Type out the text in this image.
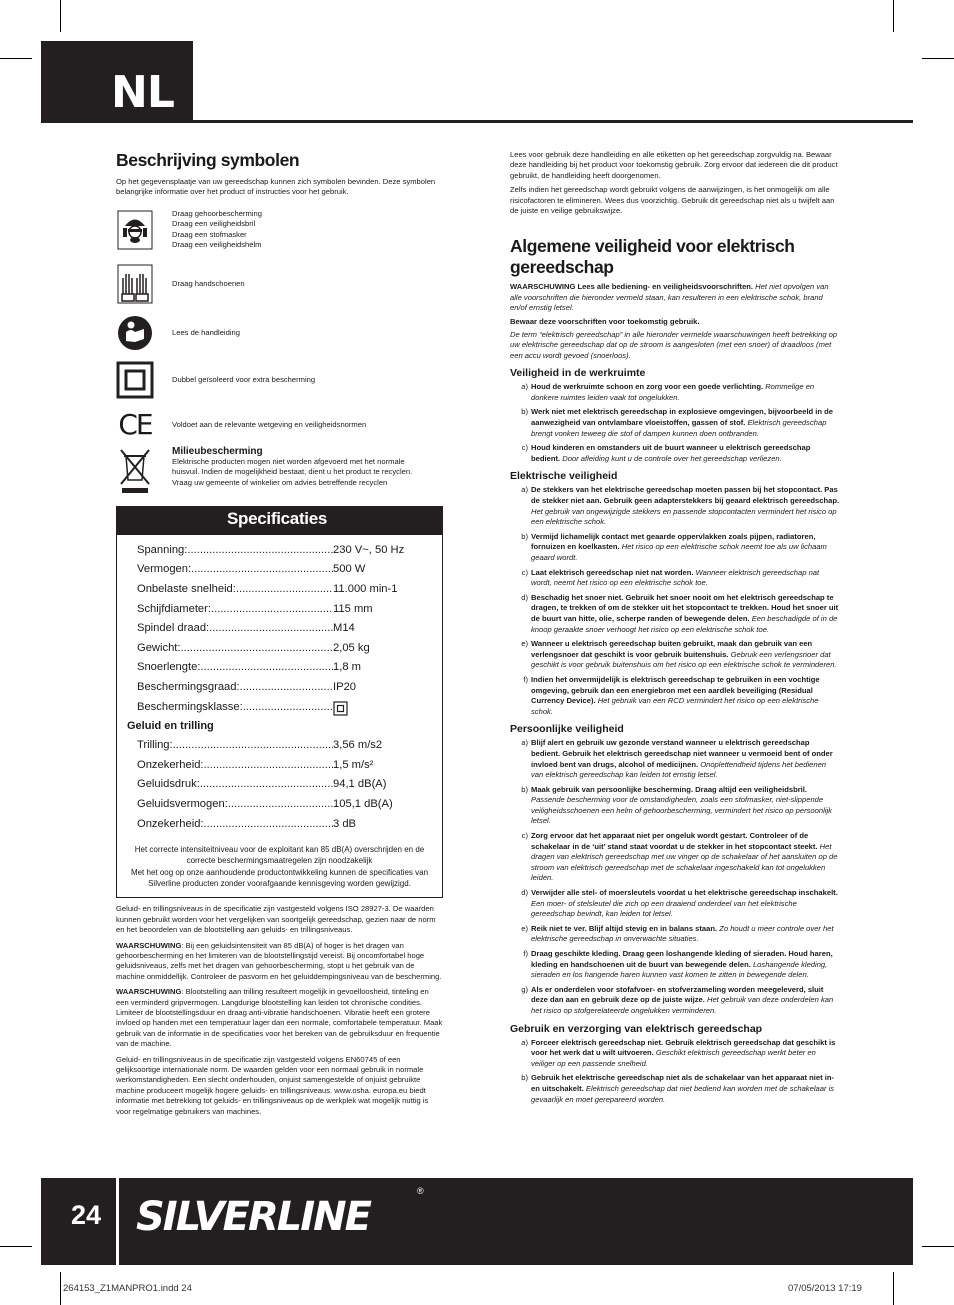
NL
Beschrijving symbolen

Op het gegevensplaatje van uw gereedschap kunnen zich symbolen bevinden. Deze symbolen belangrijke informatie over het product of instructies voor het gebruik.

Draag gehoorbescherming
Draag een veiligheidsbril
Draag een stofmasker
Draag een veiligheidshelm
Draag handschoenen
Lees de handleiding
Dubbel geïsoleerd voor extra bescherming
CE	Voldoet aan de relevante wetgeving en veiligheidsnormen
Milieubescherming
Elektrische producten mogen niet worden afgevoerd met het normale huisvuil. Indien de mogelijkheid bestaat, dient u het product te recyclen. Vraag uw gemeente of winkelier om advies betreffende recyclen
Specificaties
Spanning: .....	230 V~, 50 Hz
Vermogen: .....	500 W
Onbelaste snelheid: .....	11.000 min-1
Schijfdiameter: .....	115 mm
Spindel draad: .....	M14
Gewicht: .....	2,05 kg
Snoerlengte: .....	1,8 m
Beschermingsgraad: .....	IP20
Beschermingsklasse: .....
Geluid en trilling
Trilling: .....	3,56 m/s2
Onzekerheid: .....	1,5 m/s²
Geluidsdruk: .....	94,1 dB(A)
Geluidsvermogen: .....	105,1 dB(A)
Onzekerheid: .....	3 dB
Het correcte intensiteitniveau voor de exploitant kan 85 dB(A) overschrijden en de correcte beschermingsmaatregelen zijn noodzakelijk
Met het oog op onze aanhoudende productontwikkeling kunnen de specificaties van Silverline producten zonder voorafgaande kennisgeving worden gewijzigd.

Geluid- en trillingsniveaus in de specificatie zijn vastgesteld volgens ISO 28927-3. De waarden kunnen gebruikt worden voor het vergelijken van soortgelijk gereedschap, gezien naar de norm en het beoordelen van de blootstelling aan geluids- en trillingsniveaus.

WAARSCHUWING: Bij een geluidsintensiteit van 85 dB(A) of hoger is het dragen van gehoorbescherming en het limiteren van de blootstellingstijd vereist. Bij oncomfortabel hoge geluidsniveaus, zelfs met het dragen van gehoorbescherming, stopt u het gebruik van de machine onmiddellijk. Controleer de pasvorm en het geluiddempingsniveau van de bescherming.

WAARSCHUWING: Blootstelling aan trilling resulteert mogelijk in gevoelloosheid, tinteling en een verminderd gripvermogen. Langdurige blootstelling kan leiden tot chronische condities. Limiteer de blootstellingsduur en draag anti-vibratie handschoenen. Vibratie heeft een grotere invloed op handen met een temperatuur lager dan een normale, comfortabele temperatuur. Maak gebruik van de informatie in de specificaties voor het bereken van de gebruiksduur en frequentie van de machine.

Geluid- en trillingsniveaus in de specificatie zijn vastgesteld volgens EN60745 of een gelijksoortige internationale norm. De waarden gelden voor een normaal gebruik in normale werkomstandigheden. Een slecht onderhouden, onjuist samengestelde of onjuist gebruikte machine produceert mogelijk hogere geluids- en trillingsniveaus. www.osha. europa.eu biedt informatie met betrekking tot geluids- en trillingsniveaus op de werkplek wat mogelijk nuttig is voor regelmatige gebruikers van machines.

Lees voor gebruik deze handleiding en alle etiketten op het gereedschap zorgvuldig na. Bewaar deze handleiding bij het product voor toekomstig gebruik. Zorg ervoor dat iedereen die dit product gebruikt, de handleiding heeft doorgenomen.

Zelfs indien het gereedschap wordt gebruikt volgens de aanwijzingen, is het onmogelijk om alle risicofactoren te elimineren. Wees dus voorzichtig. Gebruik dit gereedschap niet als u twijfelt aan de juiste en veilige gebruikswijze.

Algemene veiligheid voor elektrisch gereedschap

WAARSCHUWING Lees alle bediening- en veiligheidsvoorschriften. Het niet opvolgen van alle voorschriften die hieronder vermeld staan, kan resulteren in een elektrische schok, brand en/of ernstig letsel.

Bewaar deze voorschriften voor toekomstig gebruik.

De term “elektrisch gereedschap” in alle hieronder vermelde waarschuwingen heeft betrekking op uw elektrische gereedschap dat op de stroom is aangesloten (met een snoer) of draadloos (met een accu wordt gevoed (snoerloos).

Veiligheid in de werkruimte
a) Houd de werkruimte schoon en zorg voor een goede verlichting. Rommelige en donkere ruimtes leiden vaak tot ongelukken.
b) Werk niet met elektrisch gereedschap in explosieve omgevingen, bijvoorbeeld in de aanwezigheid van ontvlambare vloeistoffen, gassen of stof. Elektrisch gereedschap brengt vonken teweeg die stof of dampen kunnen doen ontbranden.
c) Houd kinderen en omstanders uit de buurt wanneer u elektrisch gereedschap bedient. Door afleiding kunt u de controle over het gereedschap verliezen.
Elektrische veiligheid
a) De stekkers van het elektrische gereedschap moeten passen bij het stopcontact. Pas de stekker niet aan. Gebruik geen adapterstekkers bij geaard elektrisch gereedschap. Het gebruik van ongewijzigde stekkers en passende stopcontacten vermindert het risico op een elektrische schok.
b) Vermijd lichamelijk contact met geaarde oppervlakken zoals pijpen, radiatoren, fornuizen en koelkasten. Het risico op een elektrische schok neemt toe als uw lichaam geaard wordt.
c) Laat elektrisch gereedschap niet nat worden. Wanneer elektrisch gereedschap nat wordt, neemt het risico op een elektrische schok toe.
d) Beschadig het snoer niet. Gebruik het snoer nooit om het elektrisch gereedschap te dragen, te trekken of om de stekker uit het stopcontact te trekken. Houd het snoer uit de buurt van hitte, olie, scherpe randen of bewegende delen. Een beschadigde of in de knoop geraakte snoer verhoogt het risico op een elektrische schok toe.
e) Wanneer u elektrisch gereedschap buiten gebruikt, maak dan gebruik van een verlengsnoer dat geschikt is voor gebruik buitenshuis. Gebruik een verlengsnoer dat geschikt is voor gebruik buitenshuis om het risico op een elektrische schok te verminderen.
f) Indien het onvermijdelijk is elektrisch gereedschap te gebruiken in een vochtige omgeving, gebruik dan een energiebron met een aardlek beveiliging (Residual Currency Device). Het gebruik van een RCD vermindert het risico op een elektrische schok.
Persoonlijke veiligheid
a) Blijf alert en gebruik uw gezonde verstand wanneer u elektrisch gereedschap bedient. Gebruik het elektrisch gereedschap niet wanneer u vermoeid bent of onder invloed bent van drugs, alcohol of medicijnen. Onoplettendheid tijdens het bedienen van elektrisch gereedschap kan leiden tot ernstig letsel.
b) Maak gebruik van persoonlijke bescherming. Draag altijd een veiligheidsbril. Passende bescherming voor de omstandigheden, zoals een stofmasker, niet-slippende veiligheidsschoenen een helm of gehoorbescherming, vermindert het risico op persoonlijk letsel.
c) Zorg ervoor dat het apparaat niet per ongeluk wordt gestart. Controleer of de schakelaar in de ‘uit’ stand staat voordat u de stekker in het stopcontact steekt. Het dragen van elektrisch gereedschap met uw vinger op de schakelaar of het aansluiten op de stroom van elektrisch gereedschap met de schakelaar ingeschakeld kan tot ongelukken leiden.
d) Verwijder alle stel- of moersleutels voordat u het elektrische gereedschap inschakelt. Een moer- of stelsleutel die zich op een draaiend onderdeel van het elektrische gereedschap bevindt, kan leiden tot letsel.
e) Reik niet te ver. Blijf altijd stevig en in balans staan. Zo houdt u meer controle over het elektrische gereedschap in onverwachte situaties.
f) Draag geschikte kleding. Draag geen loshangende kleding of sieraden. Houd haren, kleding en handschoenen uit de buurt van bewegende delen. Loshangende kleding, sieraden en los hangende haren kunnen vast komen te zitten in bewegende delen.
g) Als er onderdelen voor stofafvoer- en stofverzameling worden meegeleverd, sluit deze dan aan en gebruik deze op de juiste wijze. Het gebruik van deze onderdelen kan het risico op stofgerelateerde ongelukken verminderen.
Gebruik en verzorging van elektrisch gereedschap
a) Forceer elektrisch gereedschap niet. Gebruik elektrisch gereedschap dat geschikt is voor het werk dat u wilt uitvoeren. Geschikt elektrisch gereedschap werkt beter en veiliger op een passende snelheid.
b) Gebruik het elektrische gereedschap niet als de schakelaar van het apparaat niet in- en uitschakelt. Elektrisch gereedschap dat niet bediend kan worden met de schakelaar is gevaarlijk en moet gerepareerd worden.
24 SILVERLINE
®
264153_Z1MANPRO1.indd 24	07/05/2013 17:19
